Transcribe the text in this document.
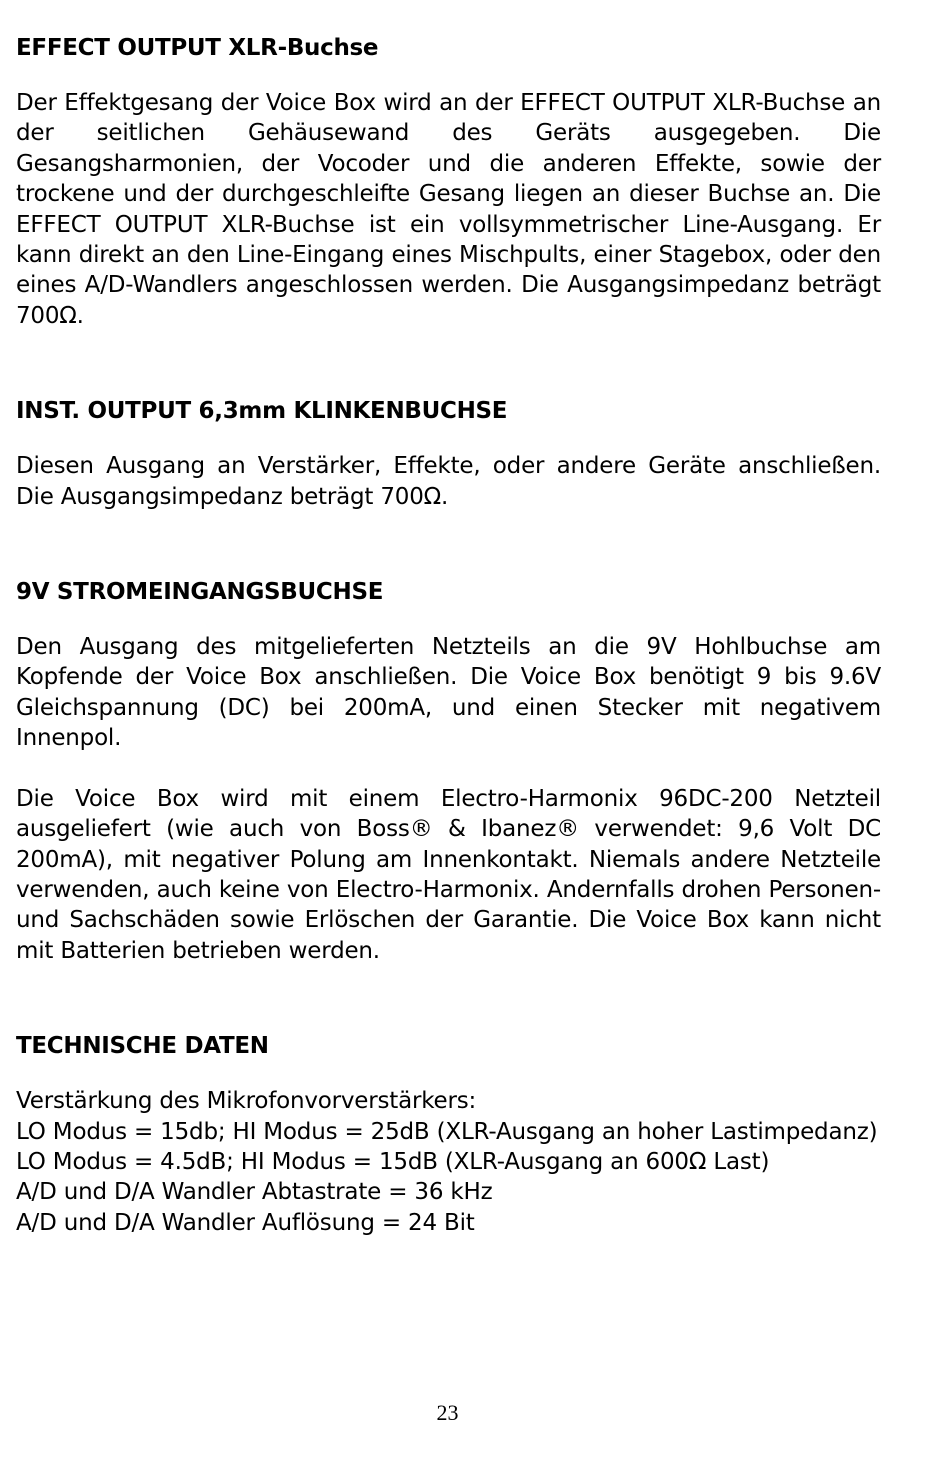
EFFECT OUTPUT XLR-Buchse

Der Effektgesang der Voice Box wird an der EFFECT OUTPUT XLR-Buchse an der seitlichen Gehäusewand des Geräts ausgegeben. Die Gesangsharmonien, der Vocoder und die anderen Effekte, sowie der trockene und der durchgeschleifte Gesang liegen an dieser Buchse an. Die EFFECT OUTPUT XLR-Buchse ist ein vollsymmetrischer Line-Ausgang. Er kann direkt an den Line-Eingang eines Mischpults, einer Stagebox, oder den eines A/D-Wandlers angeschlossen werden. Die Ausgangsimpedanz beträgt 700Ω.

INST. OUTPUT 6,3mm KLINKENBUCHSE

Diesen Ausgang an Verstärker, Effekte, oder andere Geräte anschließen. Die Ausgangsimpedanz beträgt 700Ω.

9V STROMEINGANGSBUCHSE

Den Ausgang des mitgelieferten Netzteils an die 9V Hohlbuchse am Kopfende der Voice Box anschließen. Die Voice Box benötigt 9 bis 9.6V Gleichspannung (DC) bei 200mA, und einen Stecker mit negativem Innenpol.

Die Voice Box wird mit einem Electro-Harmonix 96DC-200 Netzteil ausgeliefert (wie auch von Boss® & Ibanez® verwendet: 9,6 Volt DC 200mA), mit negativer Polung am Innenkontakt. Niemals andere Netzteile verwenden, auch keine von Electro-Harmonix. Andernfalls drohen Personen- und Sachschäden sowie Erlöschen der Garantie. Die Voice Box kann nicht mit Batterien betrieben werden.

TECHNISCHE DATEN
Verstärkung des Mikrofonvorverstärkers:
LO Modus = 15db; HI Modus = 25dB (XLR-Ausgang an hoher Lastimpedanz)
LO Modus = 4.5dB; HI Modus = 15dB (XLR-Ausgang an 600Ω Last)
A/D und D/A Wandler Abtastrate = 36 kHz
A/D und D/A Wandler Auflösung = 24 Bit
23
